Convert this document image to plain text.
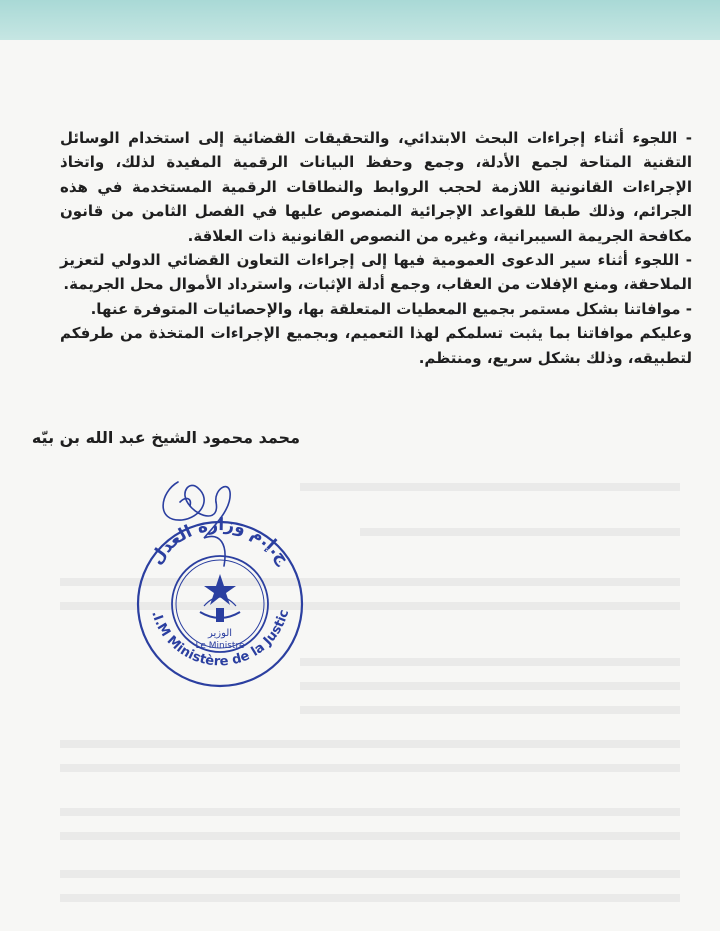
- اللجوء أثناء إجراءات البحث الابتدائي، والتحقيقات القضائية إلى استخدام الوسائل التقنية المتاحة لجمع الأدلة، وجمع وحفظ البيانات الرقمية المفيدة لذلك، واتخاذ الإجراءات القانونية اللازمة لحجب الروابط والنطاقات الرقمية المستخدمة في هذه الجرائم، وذلك طبقا للقواعد الإجرائية المنصوص عليها في الفصل الثامن من قانون مكافحة الجريمة السيبرانية، وغيره من النصوص القانونية ذات العلاقة.

- اللجوء أثناء سير الدعوى العمومية فيها إلى إجراءات التعاون القضائي الدولي لتعزيز الملاحقة، ومنع الإفلات من العقاب، وجمع أدلة الإثبات، واسترداد الأموال محل الجريمة.

- موافاتنا بشكل مستمر بجميع المعطيات المتعلقة بها، والإحصائيات المتوفرة عنها.

وعليكم موافاتنا بما يثبت تسلمكم لهذا التعميم، وبجميع الإجراءات المتخذة من طرفكم لتطبيقه، وذلك بشكل سريع، ومنتظم.

محمد محمود الشيخ عبد الله بن بيّه
ج.إ.م وزارة العدل
.I.M Ministère de la Justic
الوزير
Le Ministre
